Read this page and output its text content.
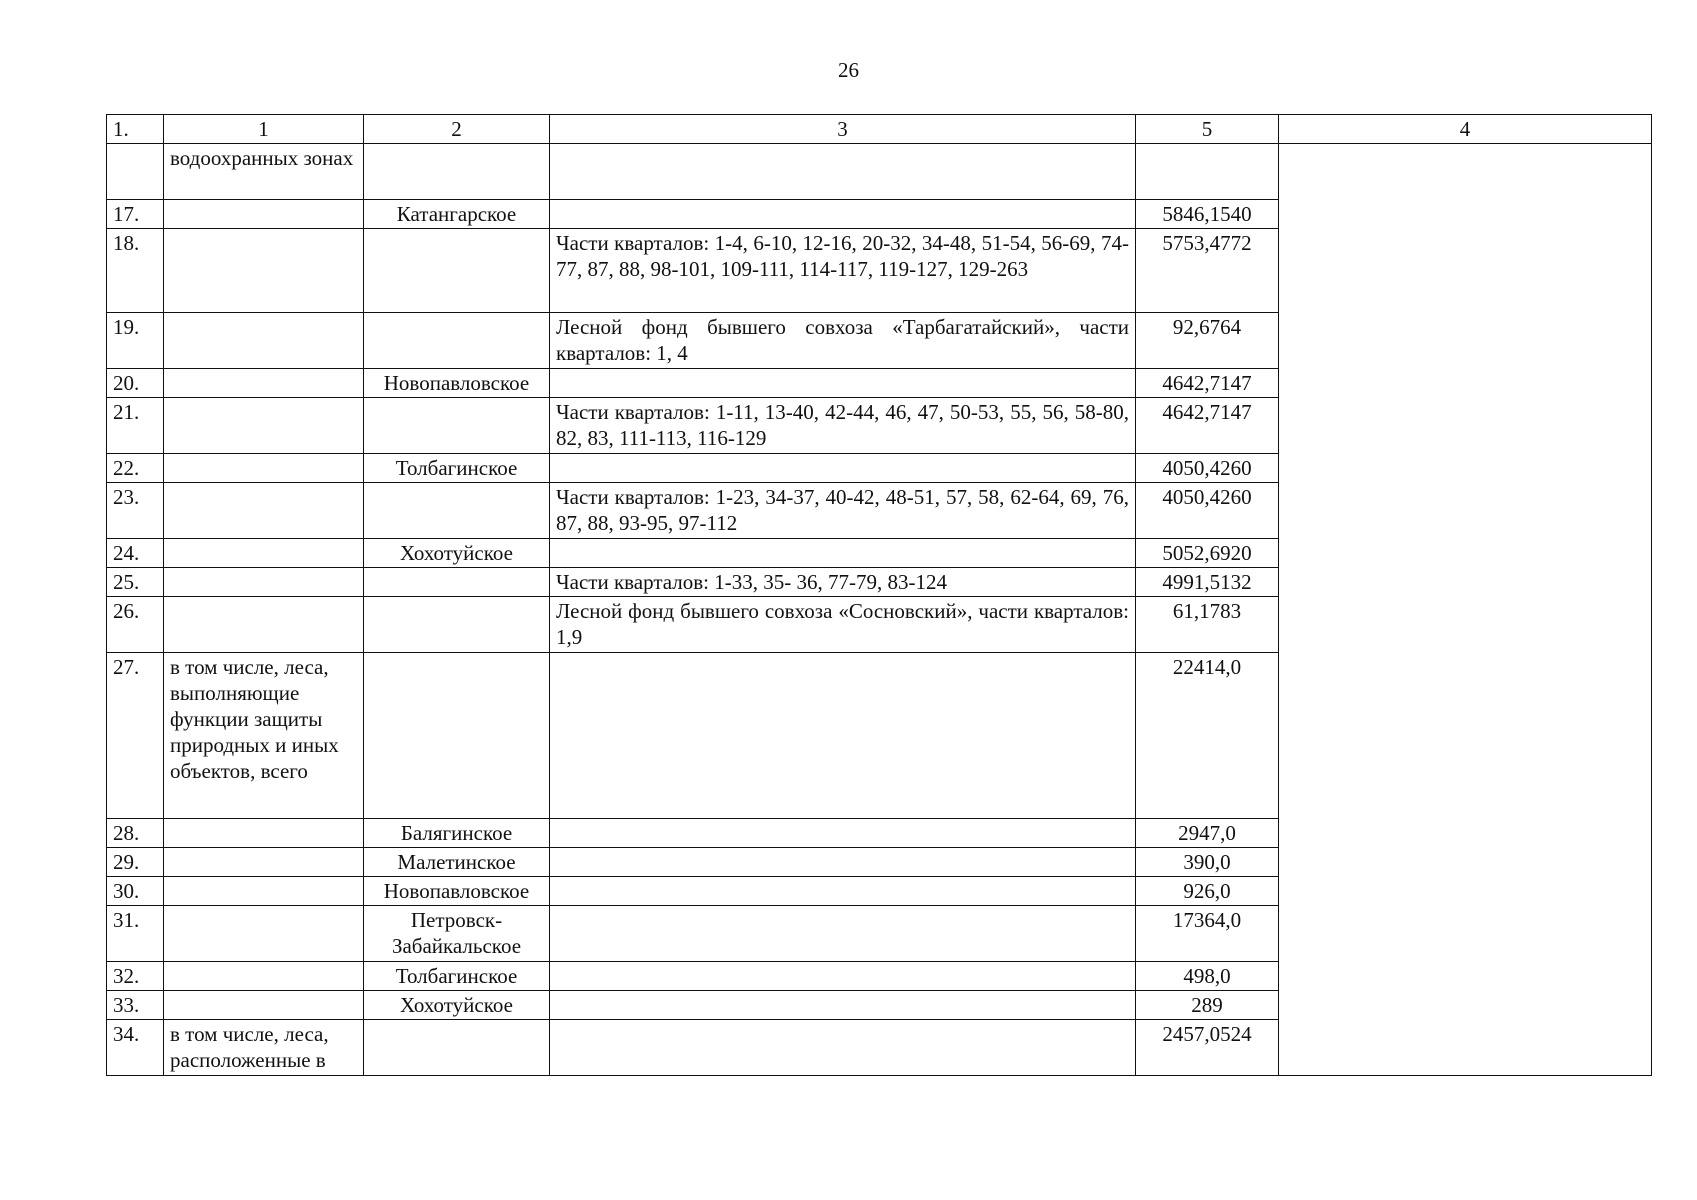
26
1.	1	2	3	5	4
	водоохранных зонах				
17.		Катангарское		5846,1540	
18.			Части кварталов: 1-4, 6-10, 12-16, 20-32, 34-48, 51-54, 56-69, 74-77, 87, 88, 98-101, 109-111, 114-117, 119-127, 129-263	5753,4772	
19.			Лесной фонд бывшего совхоза «Тарбагатайский», части кварталов: 1, 4	92,6764	
20.		Новопавловское		4642,7147	
21.			Части кварталов: 1-11, 13-40, 42-44, 46, 47, 50-53, 55, 56, 58-80, 82, 83, 111-113, 116-129	4642,7147	
22.		Толбагинское		4050,4260	
23.			Части кварталов: 1-23, 34-37, 40-42, 48-51, 57, 58, 62-64, 69, 76, 87, 88, 93-95, 97-112	4050,4260	
24.		Хохотуйское		5052,6920	
25.			Части кварталов: 1-33, 35- 36, 77-79, 83-124	4991,5132	
26.			Лесной фонд бывшего совхоза «Сосновский», части кварталов: 1,9	61,1783	
27.	в том числе, леса, выполняющие функции защиты природных и иных объектов, всего			22414,0	
28.		Балягинское		2947,0	
29.		Малетинское		390,0	
30.		Новопавловское		926,0	
31.		Петровск-Забайкальское		17364,0	
32.		Толбагинское		498,0	
33.		Хохотуйское		289	
34.	в том числе, леса, расположенные в			2457,0524	
